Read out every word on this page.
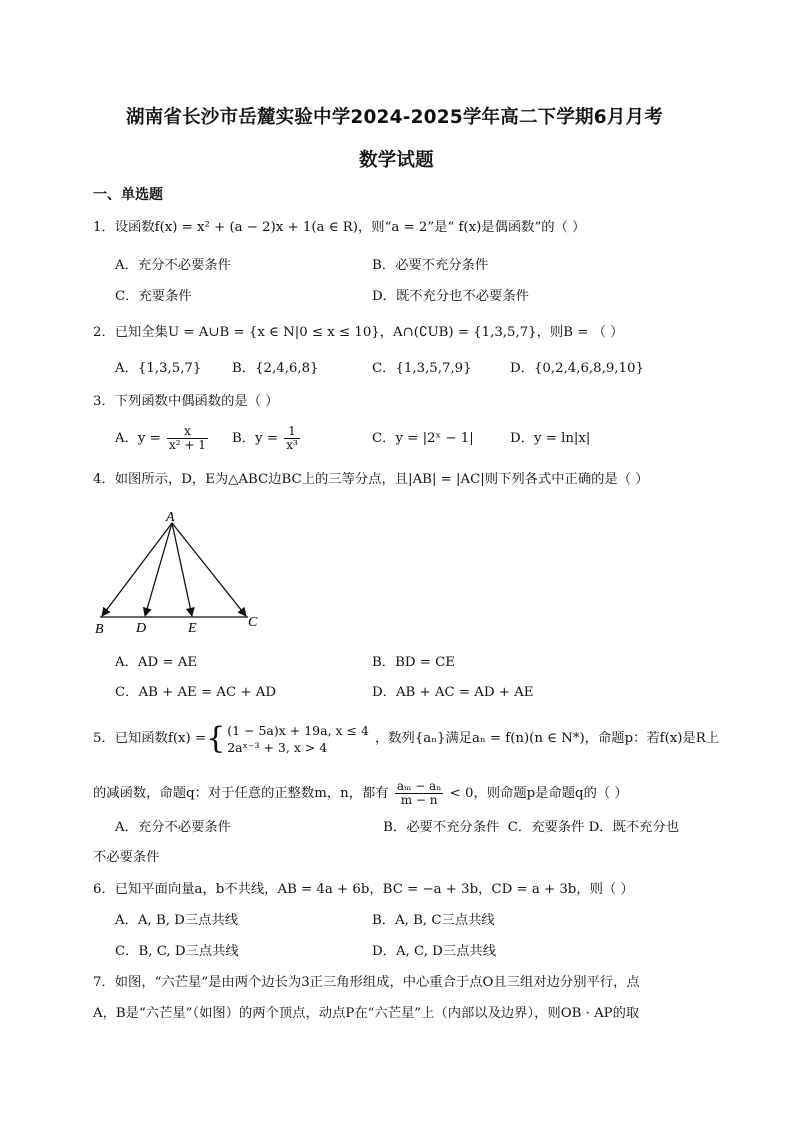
湖南省长沙市岳麓实验中学2024-2025学年高二下学期6月月考
数学试题
一、单选题
1．设函数f(x) = x² + (a − 2)x + 1(a ∈ R)，则“a = 2”是“ f(x)是偶函数”的（ ）
A．充分不必要条件	B．必要不充分条件
C．充要条件	D．既不充分也不必要条件
2．已知全集U = A∪B = {x ∈ N|0 ≤ x ≤ 10}，A∩(∁UB) = {1,3,5,7}，则B = （ ）
A．{1,3,5,7} B．{2,4,6,8}	C．{1,3,5,7,9}	D．{0,2,4,6,8,9,10}
3．下列函数中偶函数的是（ ）
A．$y = \frac{x}{\text{x² + 1}}$ B．$y = \frac{1}{\text{x³}}$	C．y = |2ˣ − 1|	D．y = ln|x|
4．如图所示，D，E为△ABC边BC上的三等分点，且|AB| = |AC|则下列各式中正确的是（ ）
A
B D	E	C
A．AD = AE	B．BD = CE
C．AB + AE = AC + AD	D．AB + AC = AD + AE
5．已知函数f(x) = { (1 − 5a)x + 19a, x ≤ 4
2aˣ⁻³ + 3, x > 4
，数列{aₙ}满足aₙ = f(n)(n ∈ N*)，命题p：若f(x)是R上
的减函数，命题q：对于任意的正整数m，n，都有 $\frac{\text{aₘ − aₙ}}{m - n} < 0$，则命题p是命题q的（ ）
A．充分不必要条件                                    B．必要不充分条件  C．充要条件 D．既不充分也
不必要条件
6．已知平面向量a，b不共线，AB = 4a + 6b，BC = −a + 3b，CD = a + 3b，则（ ）
A．A, B, D三点共线	B．A, B, C三点共线
C．B, C, D三点共线	D．A, C, D三点共线
7．如图，“六芒星”是由两个边长为3正三角形组成，中心重合于点O且三组对边分别平行，点
A，B是“六芒星”（如图）的两个顶点，动点P在“六芒星”上（内部以及边界），则OB · AP的取
